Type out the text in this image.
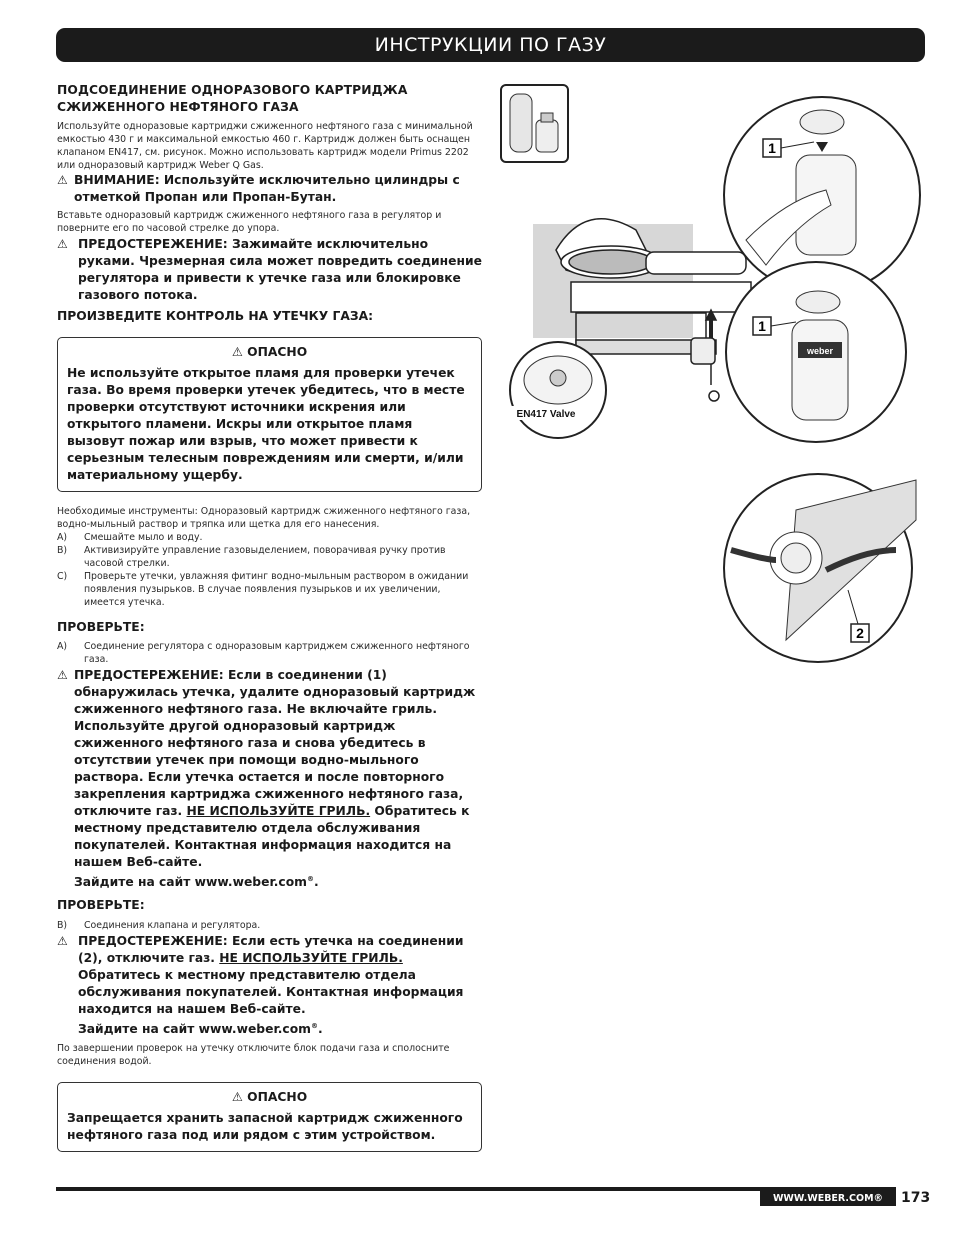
ИНСТРУКЦИИ ПО ГАЗУ

ПОДСОЕДИНЕНИЕ ОДНОРАЗОВОГО КАРТРИДЖА

СЖИЖЕННОГО НЕФТЯНОГО ГАЗА

Используйте одноразовые картриджи сжиженного нефтяного газа с минимальной емкостью 430 г и максимальной емкостью 460 г. Картридж должен быть оснащен клапаном EN417, см. рисунок. Можно использовать картридж модели Primus 2202 или одноразовый картридж Weber Q Gas.

⚠ ВНИМАНИЕ: Используйте исключительно цилиндры с отметкой Пропан или Пропан-Бутан.

Вставьте одноразовый картридж сжиженного нефтяного газа в регулятор и поверните его по часовой стрелке до упора.

⚠ ПРЕДОСТЕРЕЖЕНИЕ: Зажимайте исключительно руками. Чрезмерная сила может повредить соединение регулятора и привести к утечке газа или блокировке газового потока.

ПРОИЗВЕДИТЕ КОНТРОЛЬ НА УТЕЧКУ ГАЗА:

⚠ ОПАСНО
Не используйте открытое пламя для проверки утечек газа. Во время проверки утечек убедитесь, что в месте проверки отсутствуют источники искрения или открытого пламени. Искры или открытое пламя вызовут пожар или взрыв, что может привести к серьезным телесным повреждениям или смерти, и/или материальному ущербу.

Необходимые инструменты: Одноразовый картридж сжиженного нефтяного газа, водно-мыльный раствор и тряпка или щетка для его нанесения.

A)	Смешайте мыло и воду.
B)	Активизируйте управление газовыделением, поворачивая ручку против часовой стрелки.
C)	Проверьте утечки, увлажняя фитинг водно-мыльным раствором в ожидании появления пузырьков. В случае появления пузырьков и их увеличении, имеется утечка.

ПРОВЕРЬТЕ:

A)	Соединение регулятора с одноразовым картриджем сжиженного нефтяного газа.
⚠ ПРЕДОСТЕРЕЖЕНИЕ: Если в соединении (1) обнаружилась утечка, удалите одноразовый картридж сжиженного нефтяного газа. Не включайте гриль. Используйте другой одноразовый картридж сжиженного нефтяного газа и снова убедитесь в отсутствии утечек при помощи водно-мыльного раствора. Если утечка остается и после повторного закрепления картриджа сжиженного нефтяного газа, отключите газ. НЕ ИСПОЛЬЗУЙТЕ ГРИЛЬ. Обратитесь к местному представителю отдела обслуживания покупателей. Контактная информация находится на нашем Веб-сайте.
Зайдите на сайт www.weber.com®.

ПРОВЕРЬТЕ:

B)	Соединения клапана и регулятора.
⚠ ПРЕДОСТЕРЕЖЕНИЕ: Если есть утечка на соединении (2), отключите газ. НЕ ИСПОЛЬЗУЙТЕ ГРИЛЬ. Обратитесь к местному представителю отдела обслуживания покупателей. Контактная информация находится на нашем Веб-сайте.
Зайдите на сайт www.weber.com®.

По завершении проверок на утечку отключите блок подачи газа и сполосните соединения водой.

⚠ ОПАСНО
Запрещается хранить запасной картридж сжиженного нефтяного газа под или рядом с этим устройством.
EN417 Valve
1
weber
1
2
WWW.WEBER.COM®	173
